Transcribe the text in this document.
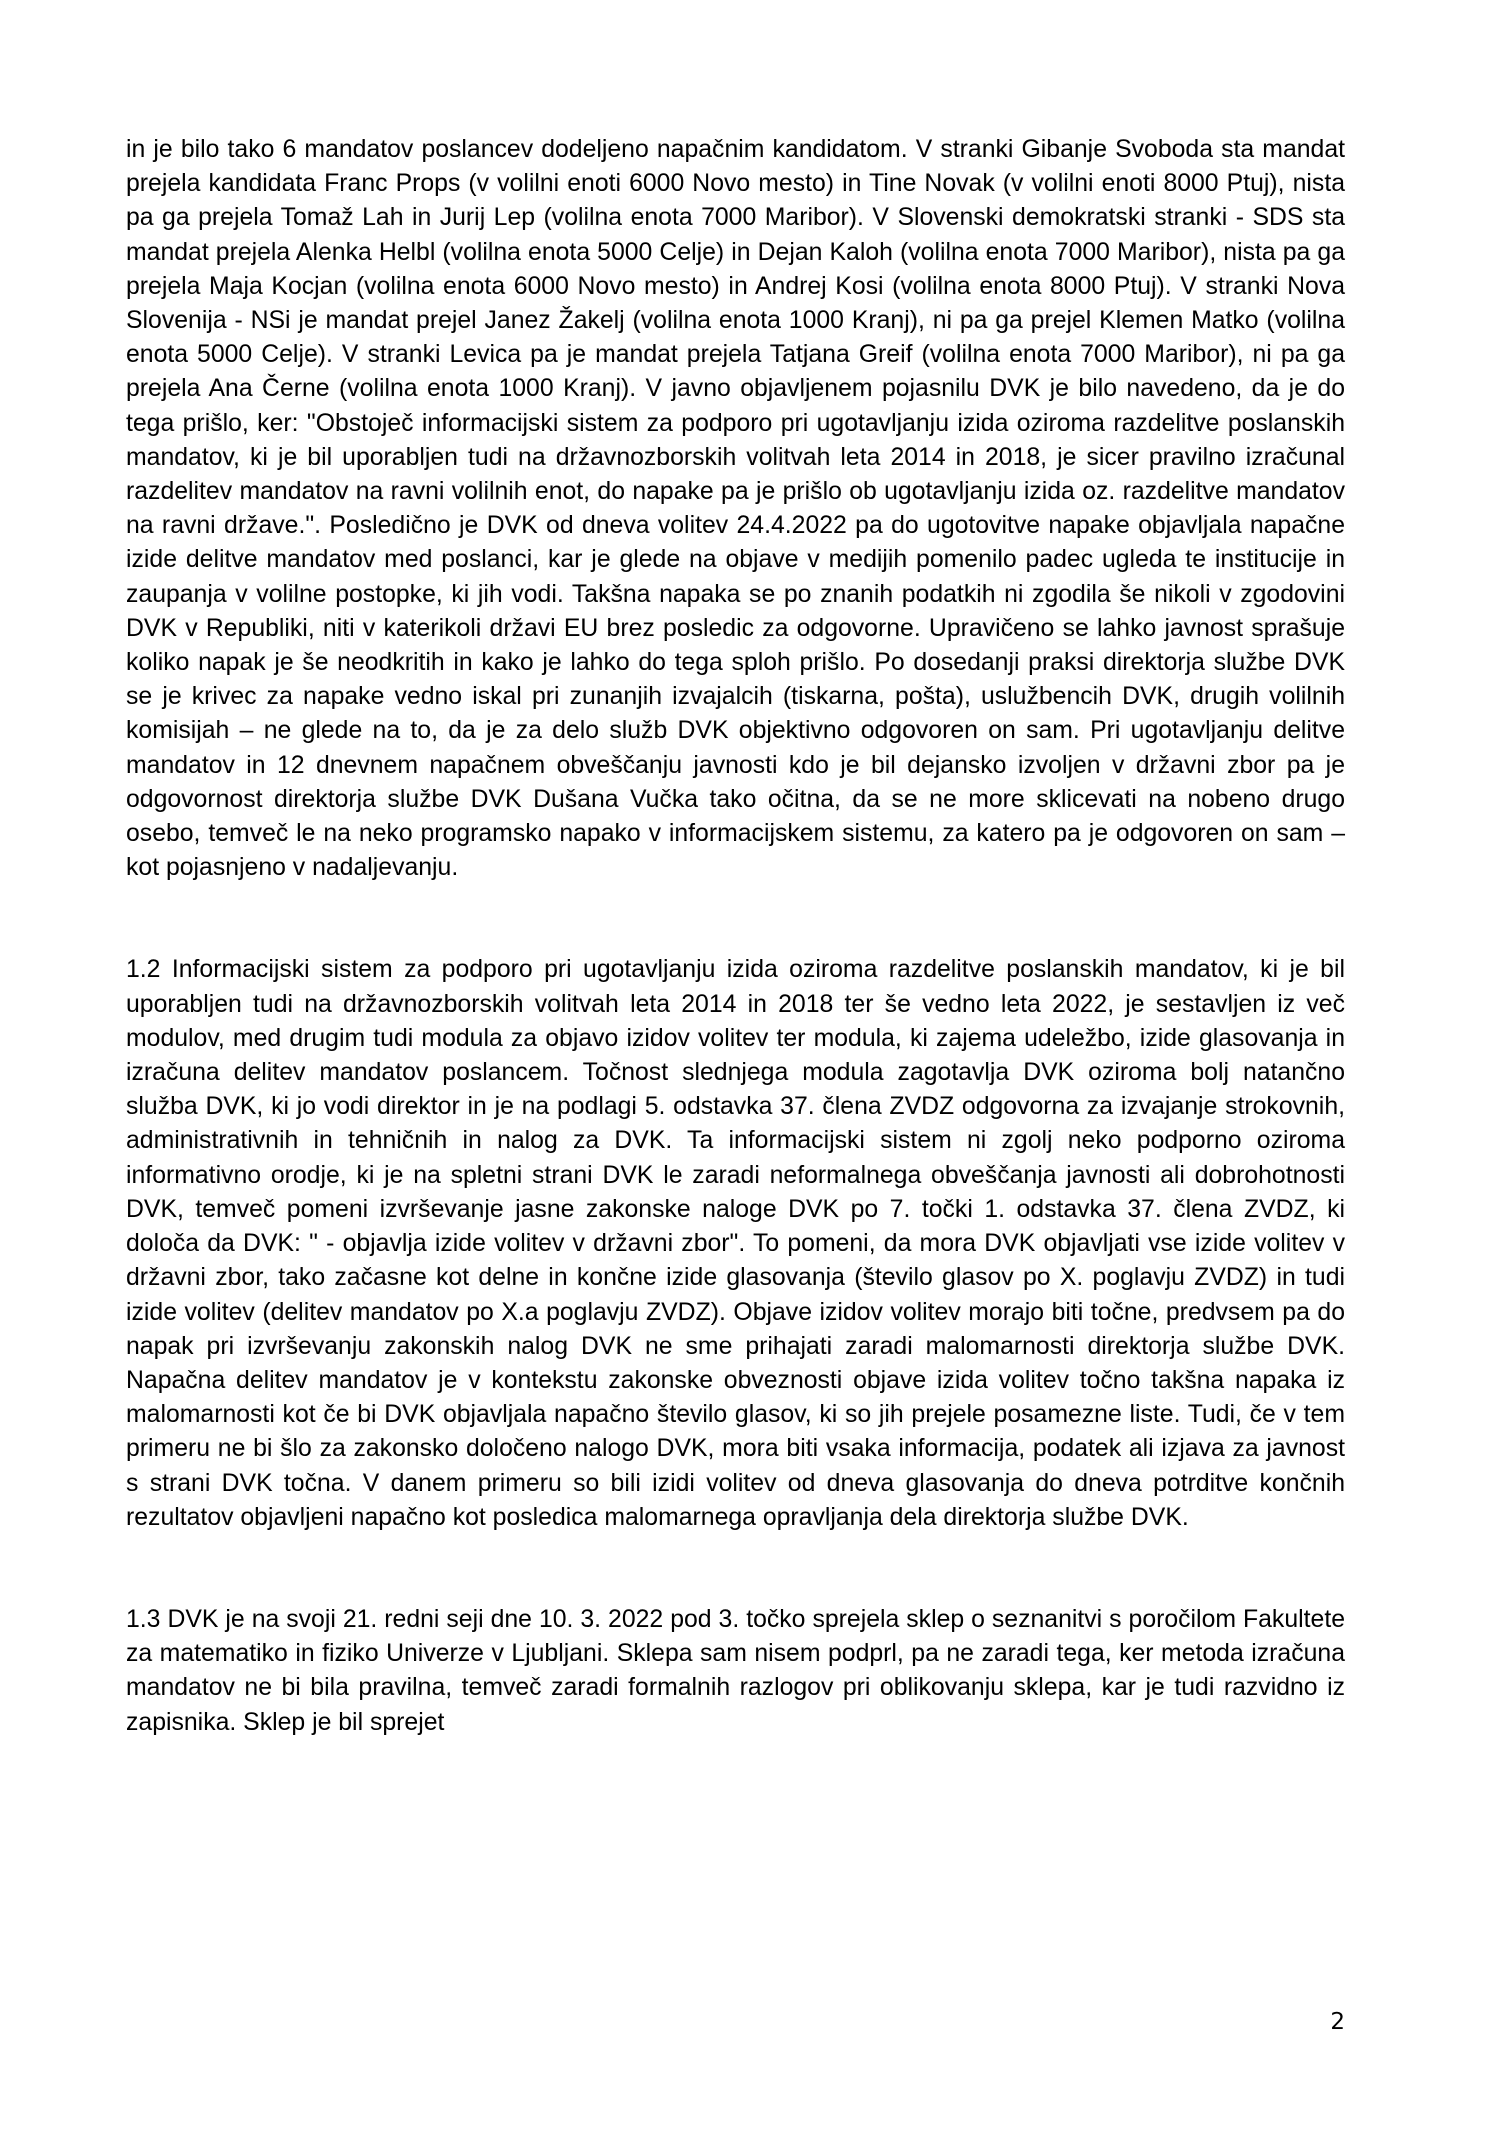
in je bilo tako 6 mandatov poslancev dodeljeno napačnim kandidatom. V stranki Gibanje Svoboda sta mandat prejela kandidata Franc Props (v volilni enoti 6000 Novo mesto) in Tine Novak (v volilni enoti 8000 Ptuj), nista pa ga prejela Tomaž Lah in Jurij Lep (volilna enota 7000 Maribor). V Slovenski demokratski stranki - SDS sta mandat prejela Alenka Helbl (volilna enota 5000 Celje) in Dejan Kaloh (volilna enota 7000 Maribor), nista pa ga prejela Maja Kocjan (volilna enota 6000 Novo mesto) in Andrej Kosi (volilna enota 8000 Ptuj). V stranki Nova Slovenija - NSi je mandat prejel Janez Žakelj (volilna enota 1000 Kranj), ni pa ga prejel Klemen Matko (volilna enota 5000 Celje). V stranki Levica pa je mandat prejela Tatjana Greif (volilna enota 7000 Maribor), ni pa ga prejela Ana Černe (volilna enota 1000 Kranj). V javno objavljenem pojasnilu DVK je bilo navedeno, da je do tega prišlo, ker: "Obstoječ informacijski sistem za podporo pri ugotavljanju izida oziroma razdelitve poslanskih mandatov, ki je bil uporabljen tudi na državnozborskih volitvah leta 2014 in 2018, je sicer pravilno izračunal razdelitev mandatov na ravni volilnih enot, do napake pa je prišlo ob ugotavljanju izida oz. razdelitve mandatov na ravni države.". Posledično je DVK od dneva volitev 24.4.2022 pa do ugotovitve napake objavljala napačne izide delitve mandatov med poslanci, kar je glede na objave v medijih pomenilo padec ugleda te institucije in zaupanja v volilne postopke, ki jih vodi. Takšna napaka se po znanih podatkih ni zgodila še nikoli v zgodovini DVK v Republiki, niti v katerikoli državi EU brez posledic za odgovorne. Upravičeno se lahko javnost sprašuje koliko napak je še neodkritih in kako je lahko do tega sploh prišlo. Po dosedanji praksi direktorja službe DVK se je krivec za napake vedno iskal pri zunanjih izvajalcih (tiskarna, pošta), uslužbencih DVK, drugih volilnih komisijah – ne glede na to, da je za delo služb DVK objektivno odgovoren on sam. Pri ugotavljanju delitve mandatov in 12 dnevnem napačnem obveščanju javnosti kdo je bil dejansko izvoljen v državni zbor pa je odgovornost direktorja službe DVK Dušana Vučka tako očitna, da se ne more sklicevati na nobeno drugo osebo, temveč le na neko programsko napako v informacijskem sistemu, za katero pa je odgovoren on sam – kot pojasnjeno v nadaljevanju.

1.2 Informacijski sistem za podporo pri ugotavljanju izida oziroma razdelitve poslanskih mandatov, ki je bil uporabljen tudi na državnozborskih volitvah leta 2014 in 2018 ter še vedno leta 2022, je sestavljen iz več modulov, med drugim tudi modula za objavo izidov volitev ter modula, ki zajema udeležbo, izide glasovanja in izračuna delitev mandatov poslancem. Točnost slednjega modula zagotavlja DVK oziroma bolj natančno služba DVK, ki jo vodi direktor in je na podlagi 5. odstavka 37. člena ZVDZ odgovorna za izvajanje strokovnih, administrativnih in tehničnih in nalog za DVK. Ta informacijski sistem ni zgolj neko podporno oziroma informativno orodje, ki je na spletni strani DVK le zaradi neformalnega obveščanja javnosti ali dobrohotnosti DVK, temveč pomeni izvrševanje jasne zakonske naloge DVK po 7. točki 1. odstavka 37. člena ZVDZ, ki določa da DVK: " - objavlja izide volitev v državni zbor". To pomeni, da mora DVK objavljati vse izide volitev v državni zbor, tako začasne kot delne in končne izide glasovanja (število glasov po X. poglavju ZVDZ) in tudi izide volitev (delitev mandatov po X.a poglavju ZVDZ). Objave izidov volitev morajo biti točne, predvsem pa do napak pri izvrševanju zakonskih nalog DVK ne sme prihajati zaradi malomarnosti direktorja službe DVK. Napačna delitev mandatov je v kontekstu zakonske obveznosti objave izida volitev točno takšna napaka iz malomarnosti kot če bi DVK objavljala napačno število glasov, ki so jih prejele posamezne liste. Tudi, če v tem primeru ne bi šlo za zakonsko določeno nalogo DVK, mora biti vsaka informacija, podatek ali izjava za javnost s strani DVK točna. V danem primeru so bili izidi volitev od dneva glasovanja do dneva potrditve končnih rezultatov objavljeni napačno kot posledica malomarnega opravljanja dela direktorja službe DVK.

1.3 DVK je na svoji 21. redni seji dne 10. 3. 2022 pod 3. točko sprejela sklep o seznanitvi s poročilom Fakultete za matematiko in fiziko Univerze v Ljubljani. Sklepa sam nisem podprl, pa ne zaradi tega, ker metoda izračuna mandatov ne bi bila pravilna, temveč zaradi formalnih razlogov pri oblikovanju sklepa, kar je tudi razvidno iz zapisnika. Sklep je bil sprejet

2
